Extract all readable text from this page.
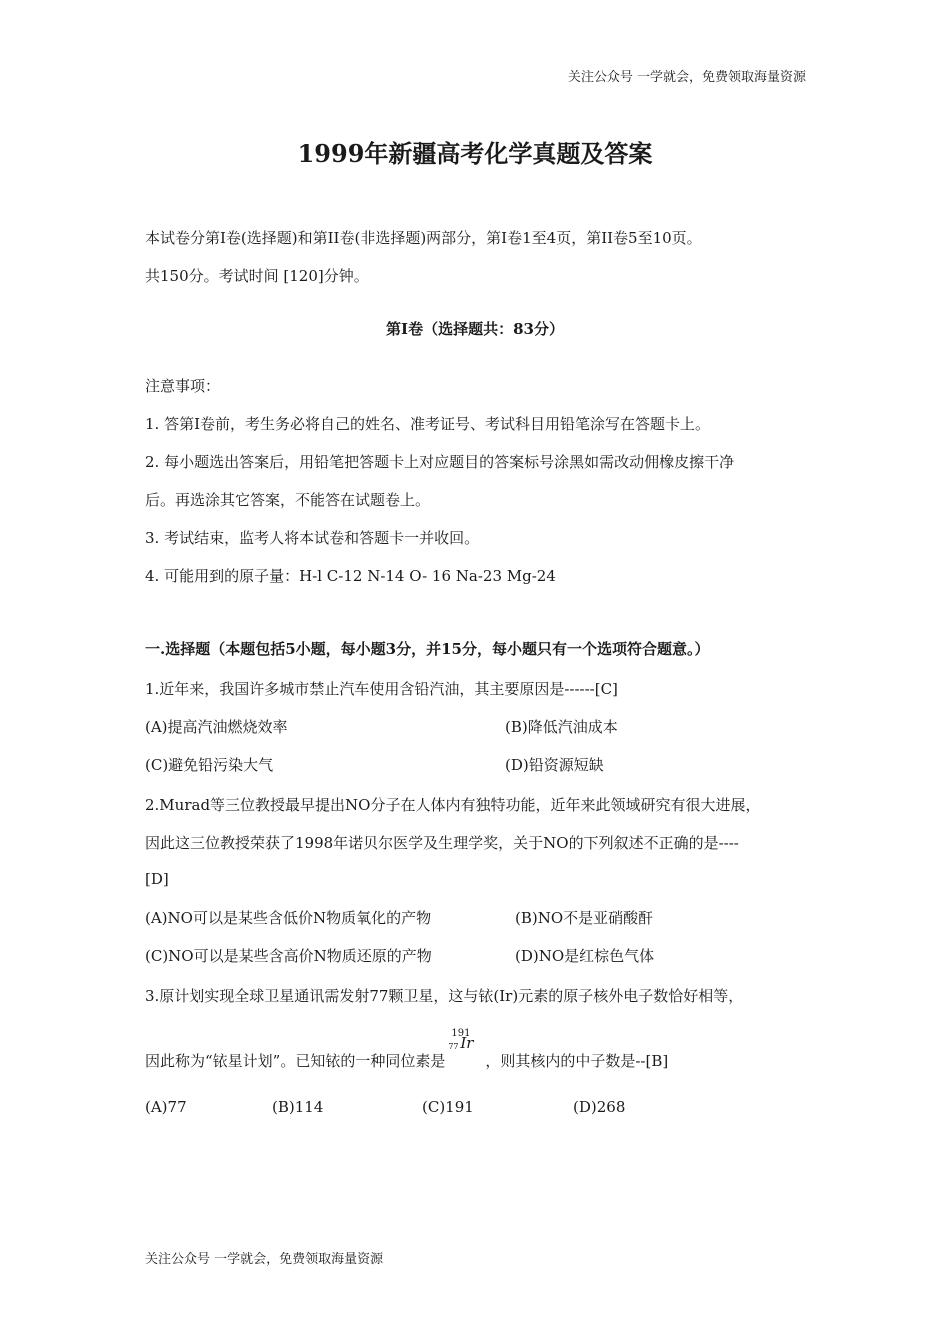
关注公众号 一学就会，免费领取海量资源
1999年新疆高考化学真题及答案
本试卷分第Ⅰ卷(选择题)和第II卷(非选择题)两部分，第Ⅰ卷1至4页，第II卷5至10页。
共150分。考试时间 [120]分钟。
第Ⅰ卷（选择题共：83分）
注意事项：
1. 答第Ⅰ卷前，考生务必将自己的姓名、准考证号、考试科目用铅笔涂写在答题卡上。
2. 每小题选出答案后，用铅笔把答题卡上对应题目的答案标号涂黑如需改动佣橡皮擦干净
后。再选涂其它答案，不能答在试题卷上。
3. 考试结束，监考人将本试卷和答题卡一并收回。
4. 可能用到的原子量：H-l C-12 N-14 O- 16 Na-23 Mg-24
一.选择题（本题包括5小题，每小题3分，并15分，每小题只有一个选项符合题意。）
1.近年来，我国许多城市禁止汽车使用含铅汽油，其主要原因是------[C]
(A)提高汽油燃烧效率	(B)降低汽油成本
(C)避免铅污染大气	(D)铅资源短缺
2.Murad等三位教授最早提出NO分子在人体内有独特功能，近年来此领域研究有很大进展，
因此这三位教授荣获了1998年诺贝尔医学及生理学奖，关于NO的下列叙述不正确的是----
[D]
(A)NO可以是某些含低价N物质氧化的产物	(B)NO不是亚硝酸酐
(C)NO可以是某些含高价N物质还原的产物	(D)NO是红棕色气体
3.原计划实现全球卫星通讯需发射77颗卫星，这与铱(Ir)元素的原子核外电子数恰好相等，
因此称为“铱星计划”。已知铱的一种同位素是
191
77 Ir
，则其核内的中子数是--[B]
(A)77	(B)114	(C)191	(D)268
关注公众号 一学就会，免费领取海量资源
